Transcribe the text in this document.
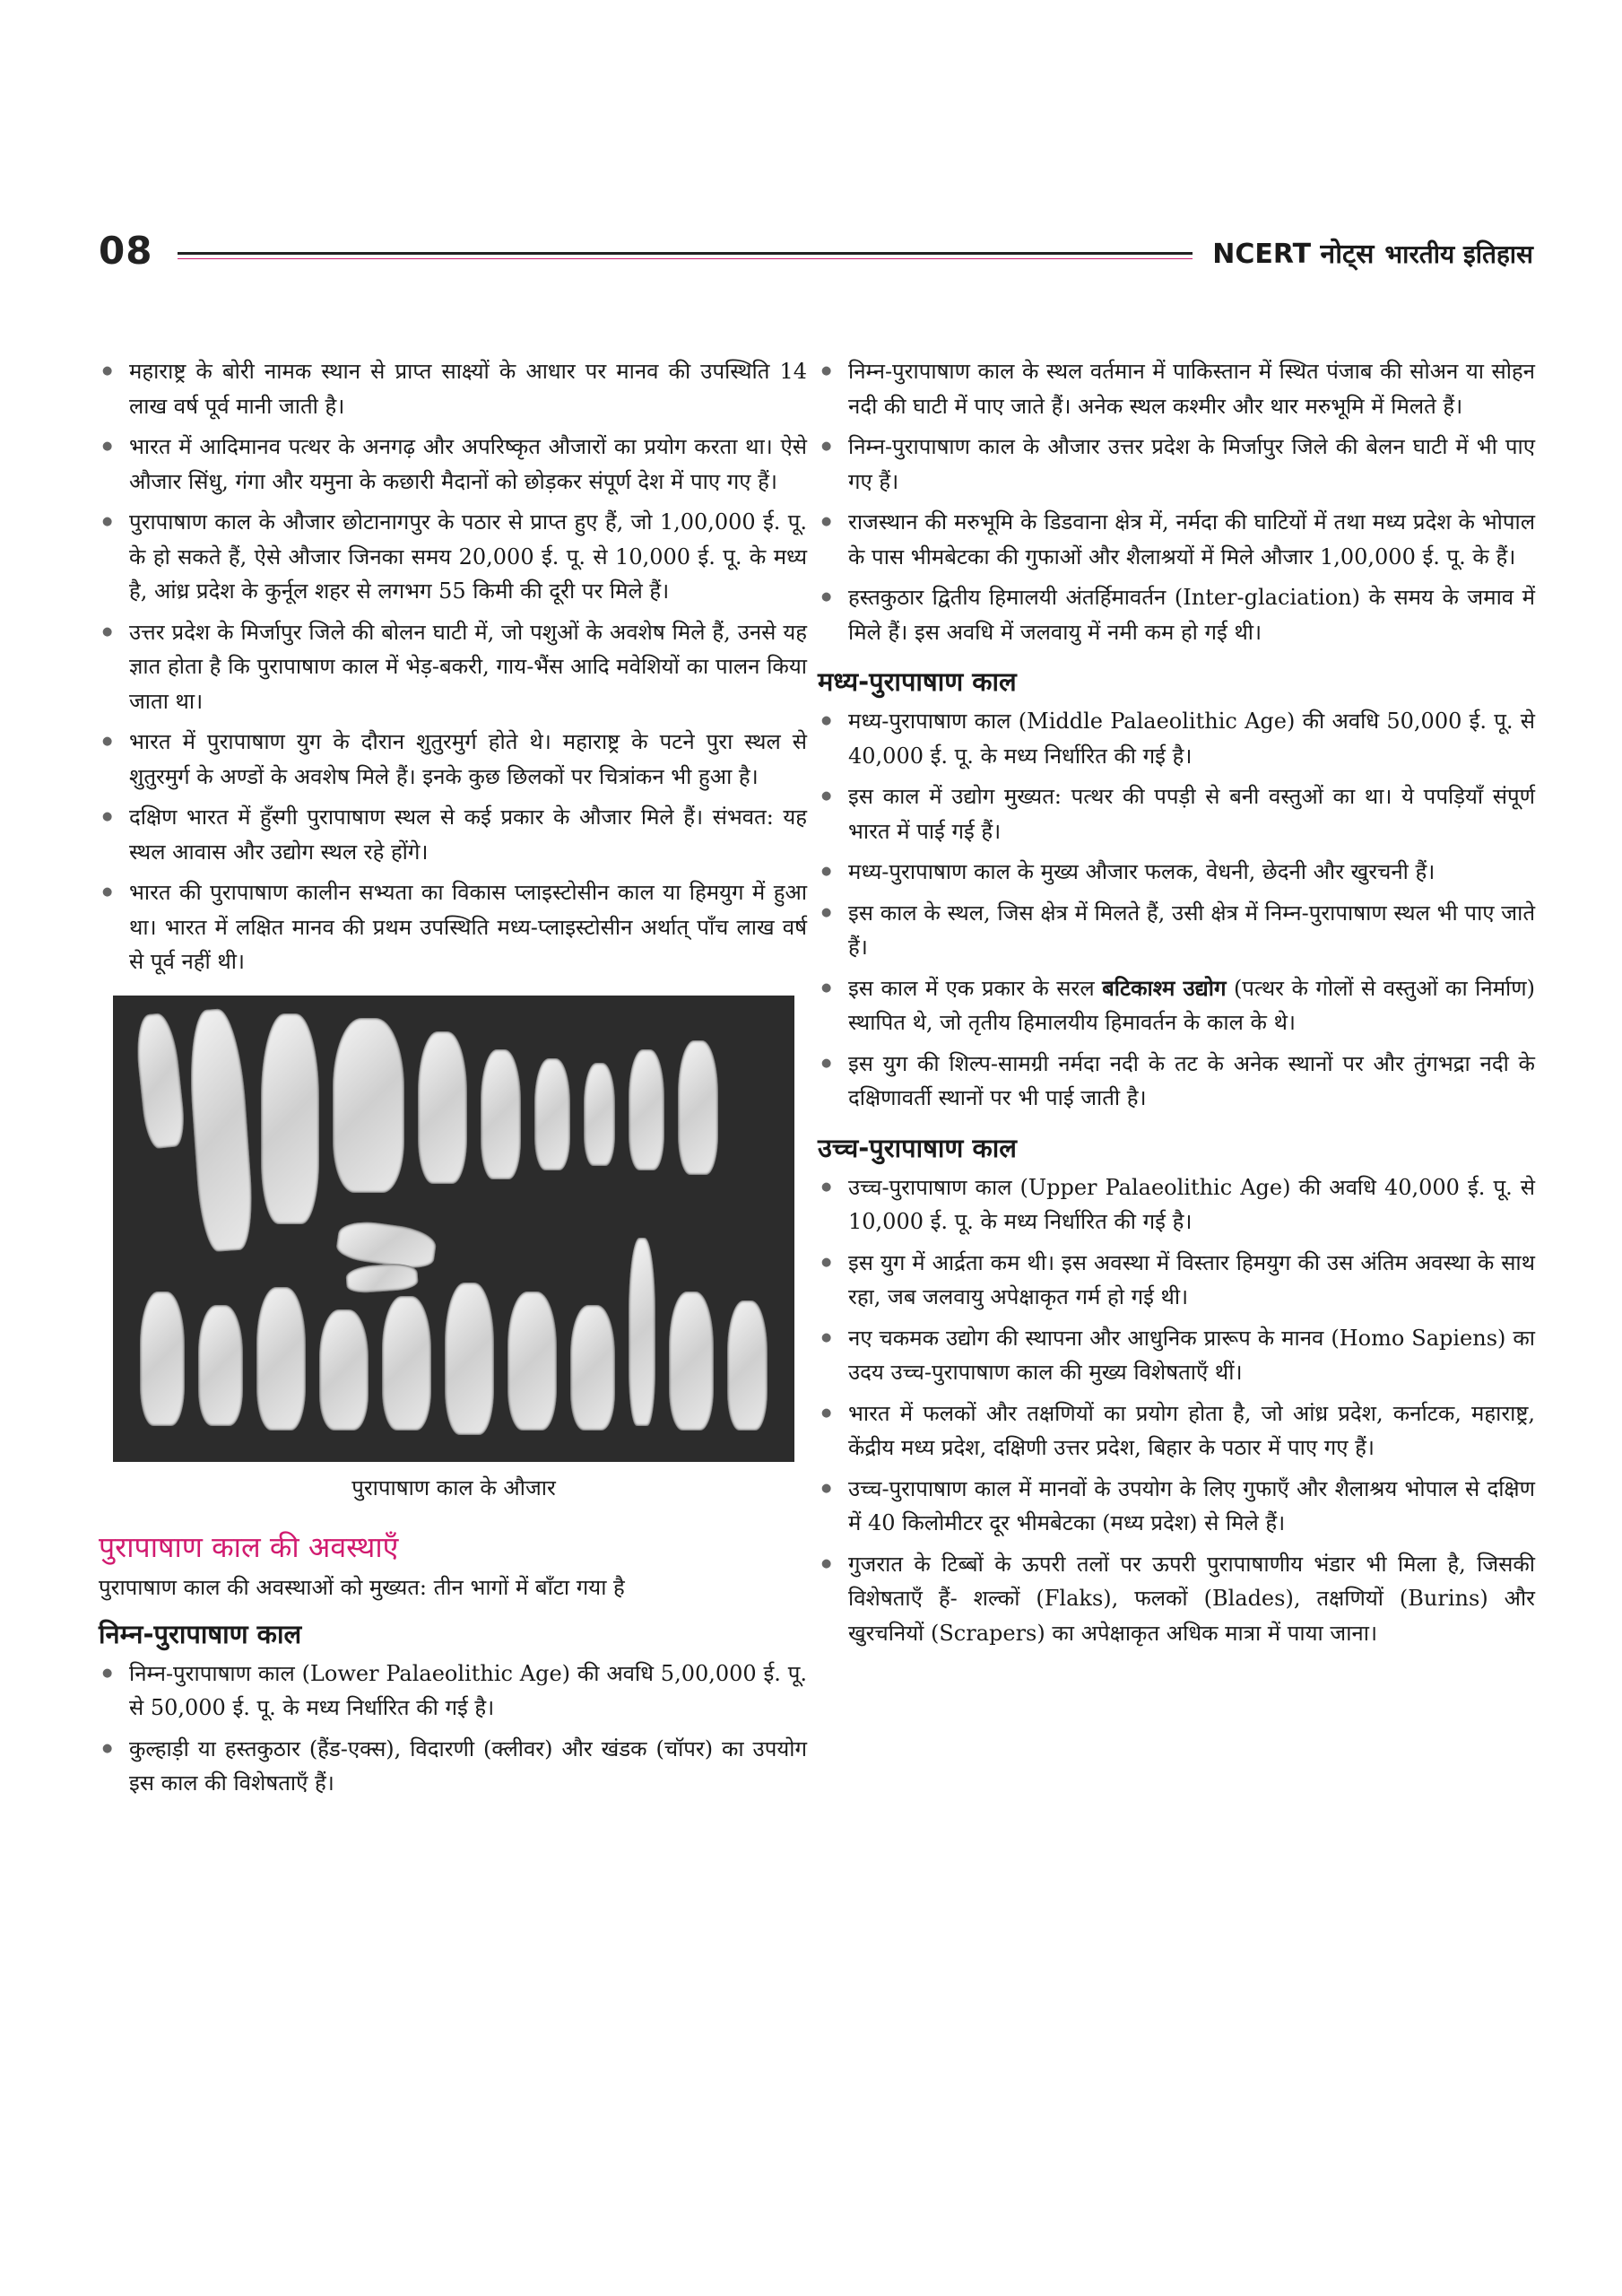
08	NCERT नोट्स भारतीय इतिहास
● महाराष्ट्र के बोरी नामक स्थान से प्राप्त साक्ष्यों के आधार पर मानव की उपस्थिति 14 लाख वर्ष पूर्व मानी जाती है।
● भारत में आदिमानव पत्थर के अनगढ़ और अपरिष्कृत औजारों का प्रयोग करता था। ऐसे औजार सिंधु, गंगा और यमुना के कछारी मैदानों को छोड़कर संपूर्ण देश में पाए गए हैं।
● पुरापाषाण काल के औजार छोटानागपुर के पठार से प्राप्त हुए हैं, जो 1,00,000 ई. पू. के हो सकते हैं, ऐसे औजार जिनका समय 20,000 ई. पू. से 10,000 ई. पू. के मध्य है, आंध्र प्रदेश के कुर्नूल शहर से लगभग 55 किमी की दूरी पर मिले हैं।
● उत्तर प्रदेश के मिर्जापुर जिले की बोलन घाटी में, जो पशुओं के अवशेष मिले हैं, उनसे यह ज्ञात होता है कि पुरापाषाण काल में भेड़-बकरी, गाय-भैंस आदि मवेशियों का पालन किया जाता था।
● भारत में पुरापाषाण युग के दौरान शुतुरमुर्ग होते थे। महाराष्ट्र के पटने पुरा स्थल से शुतुरमुर्ग के अण्डों के अवशेष मिले हैं। इनके कुछ छिलकों पर चित्रांकन भी हुआ है।
● दक्षिण भारत में हुँस्गी पुरापाषाण स्थल से कई प्रकार के औजार मिले हैं। संभवत: यह स्थल आवास और उद्योग स्थल रहे होंगे।
● भारत की पुरापाषाण कालीन सभ्यता का विकास प्लाइस्टोसीन काल या हिमयुग में हुआ था। भारत में लक्षित मानव की प्रथम उपस्थिति मध्य-प्लाइस्टोसीन अर्थात् पाँच लाख वर्ष से पूर्व नहीं थी।
पुरापाषाण काल के औजार
पुरापाषाण काल की अवस्थाएँ

पुरापाषाण काल की अवस्थाओं को मुख्यत: तीन भागों में बाँटा गया है

निम्न-पुरापाषाण काल
● निम्न-पुरापाषाण काल (Lower Palaeolithic Age) की अवधि 5,00,000 ई. पू. से 50,000 ई. पू. के मध्य निर्धारित की गई है।
● कुल्हाड़ी या हस्तकुठार (हैंड-एक्स), विदारणी (क्लीवर) और खंडक (चॉपर) का उपयोग इस काल की विशेषताएँ हैं।
● निम्न-पुरापाषाण काल के स्थल वर्तमान में पाकिस्तान में स्थित पंजाब की सोअन या सोहन नदी की घाटी में पाए जाते हैं। अनेक स्थल कश्मीर और थार मरुभूमि में मिलते हैं।
● निम्न-पुरापाषाण काल के औजार उत्तर प्रदेश के मिर्जापुर जिले की बेलन घाटी में भी पाए गए हैं।
● राजस्थान की मरुभूमि के डिडवाना क्षेत्र में, नर्मदा की घाटियों में तथा मध्य प्रदेश के भोपाल के पास भीमबेटका की गुफाओं और शैलाश्रयों में मिले औजार 1,00,000 ई. पू. के हैं।
● हस्तकुठार द्वितीय हिमालयी अंतर्हिमावर्तन (Inter-glaciation) के समय के जमाव में मिले हैं। इस अवधि में जलवायु में नमी कम हो गई थी।
मध्य-पुरापाषाण काल
● मध्य-पुरापाषाण काल (Middle Palaeolithic Age) की अवधि 50,000 ई. पू. से 40,000 ई. पू. के मध्य निर्धारित की गई है।
● इस काल में उद्योग मुख्यत: पत्थर की पपड़ी से बनी वस्तुओं का था। ये पपड़ियाँ संपूर्ण भारत में पाई गई हैं।
● मध्य-पुरापाषाण काल के मुख्य औजार फलक, वेधनी, छेदनी और खुरचनी हैं।
● इस काल के स्थल, जिस क्षेत्र में मिलते हैं, उसी क्षेत्र में निम्न-पुरापाषाण स्थल भी पाए जाते हैं।
● इस काल में एक प्रकार के सरल बटिकाश्म उद्योग (पत्थर के गोलों से वस्तुओं का निर्माण) स्थापित थे, जो तृतीय हिमालयीय हिमावर्तन के काल के थे।
● इस युग की शिल्प-सामग्री नर्मदा नदी के तट के अनेक स्थानों पर और तुंगभद्रा नदी के दक्षिणावर्ती स्थानों पर भी पाई जाती है।
उच्च-पुरापाषाण काल
● उच्च-पुरापाषाण काल (Upper Palaeolithic Age) की अवधि 40,000 ई. पू. से 10,000 ई. पू. के मध्य निर्धारित की गई है।
● इस युग में आर्द्रता कम थी। इस अवस्था में विस्तार हिमयुग की उस अंतिम अवस्था के साथ रहा, जब जलवायु अपेक्षाकृत गर्म हो गई थी।
● नए चकमक उद्योग की स्थापना और आधुनिक प्रारूप के मानव (Homo Sapiens) का उदय उच्च-पुरापाषाण काल की मुख्य विशेषताएँ थीं।
● भारत में फलकों और तक्षणियों का प्रयोग होता है, जो आंध्र प्रदेश, कर्नाटक, महाराष्ट्र, केंद्रीय मध्य प्रदेश, दक्षिणी उत्तर प्रदेश, बिहार के पठार में पाए गए हैं।
● उच्च-पुरापाषाण काल में मानवों के उपयोग के लिए गुफाएँ और शैलाश्रय भोपाल से दक्षिण में 40 किलोमीटर दूर भीमबेटका (मध्य प्रदेश) से मिले हैं।
● गुजरात के टिब्बों के ऊपरी तलों पर ऊपरी पुरापाषाणीय भंडार भी मिला है, जिसकी विशेषताएँ हैं- शल्कों (Flaks), फलकों (Blades), तक्षणियों (Burins) और खुरचनियों (Scrapers) का अपेक्षाकृत अधिक मात्रा में पाया जाना।
